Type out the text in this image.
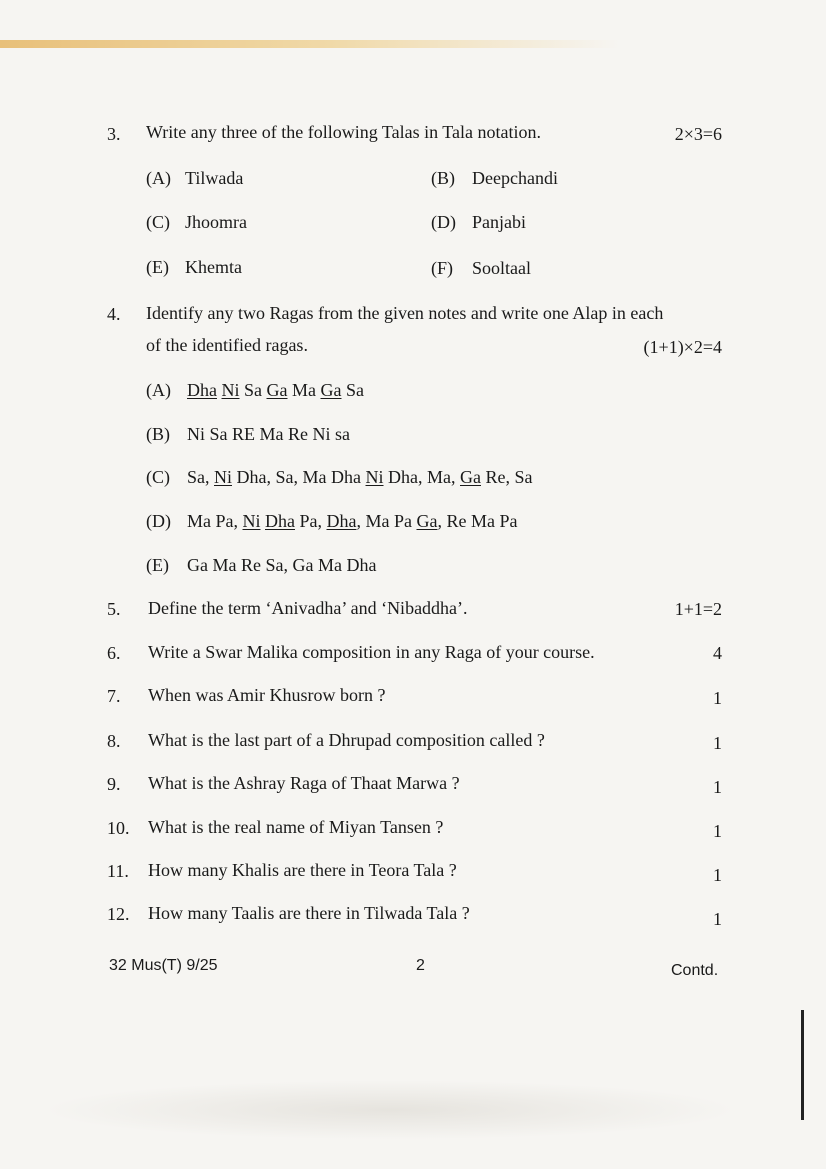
3. Write any three of the following Talas in Tala notation.	2×3=6
(A) Tilwada	(B) Deepchandi
(C) Jhoomra	(D) Panjabi
(E) Khemta	(F) Sooltaal
4. Identify any two Ragas from the given notes and write one Alap in each
of the identified ragas.	(1+1)×2=4
(A) Dha Ni Sa Ga Ma Ga Sa
(B) Ni Sa RE Ma Re Ni sa
(C) Sa, Ni Dha, Sa, Ma Dha Ni Dha, Ma, Ga Re, Sa
(D) Ma Pa, Ni Dha Pa, Dha, Ma Pa Ga, Re Ma Pa
(E) Ga Ma Re Sa, Ga Ma Dha
5. Define the term ‘Anivadha’ and ‘Nibaddha’.	1+1=2
6. Write a Swar Malika composition in any Raga of your course.	4
7. When was Amir Khusrow born ?	1
8. What is the last part of a Dhrupad composition called ?	1
9. What is the Ashray Raga of Thaat Marwa ?	1
10. What is the real name of Miyan Tansen ?	1
11. How many Khalis are there in Teora Tala ?	1
12. How many Taalis are there in Tilwada Tala ?	1
32 Mus(T) 9/25	2	Contd.
